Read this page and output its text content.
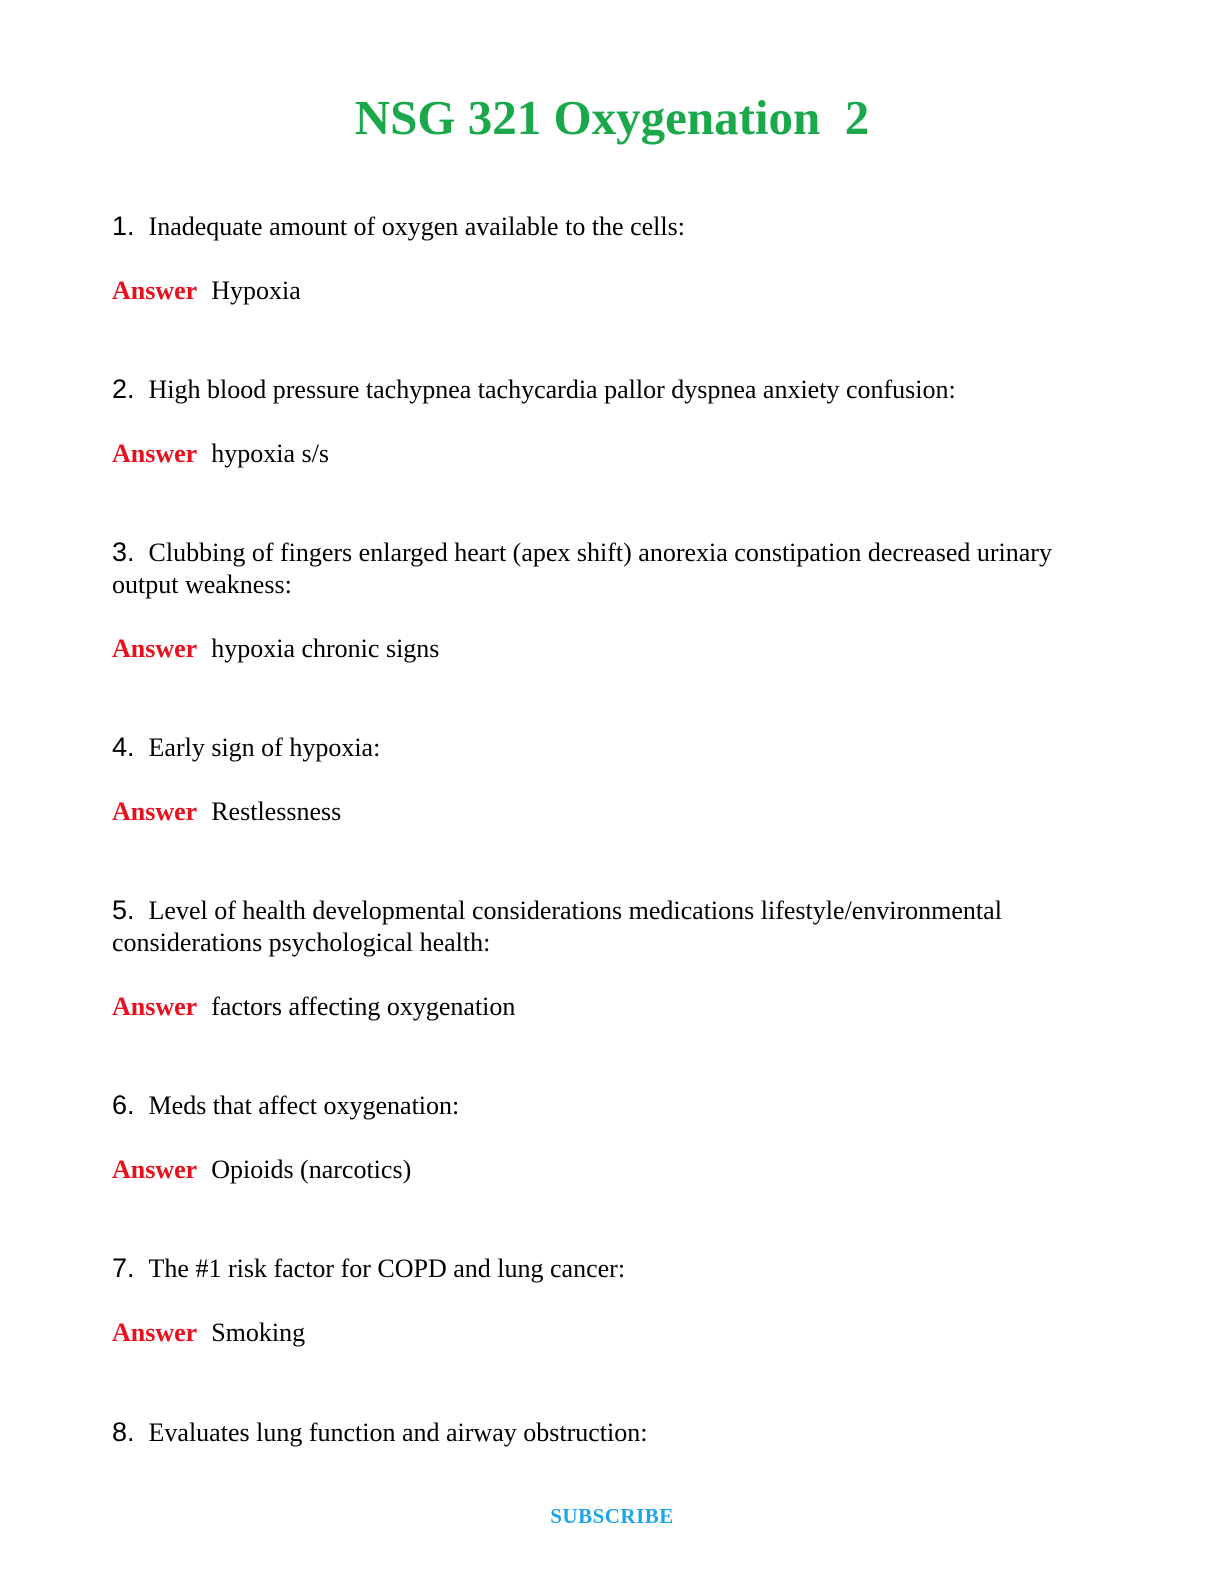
NSG 321 Oxygenation  2

1. Inadequate amount of oxygen available to the cells:

Answer Hypoxia

2. High blood pressure tachypnea tachycardia pallor dyspnea anxiety confusion:

Answer hypoxia s/s

3. Clubbing of fingers enlarged heart (apex shift) anorexia constipation decreased urinary output weakness:

Answer hypoxia chronic signs

4. Early sign of hypoxia:

Answer Restlessness

5. Level of health developmental considerations medications lifestyle/environmental considerations psychological health:

Answer factors affecting oxygenation

6. Meds that affect oxygenation:

Answer Opioids (narcotics)

7. The #1 risk factor for COPD and lung cancer:

Answer Smoking

8. Evaluates lung function and airway obstruction:

SUBSCRIBE
